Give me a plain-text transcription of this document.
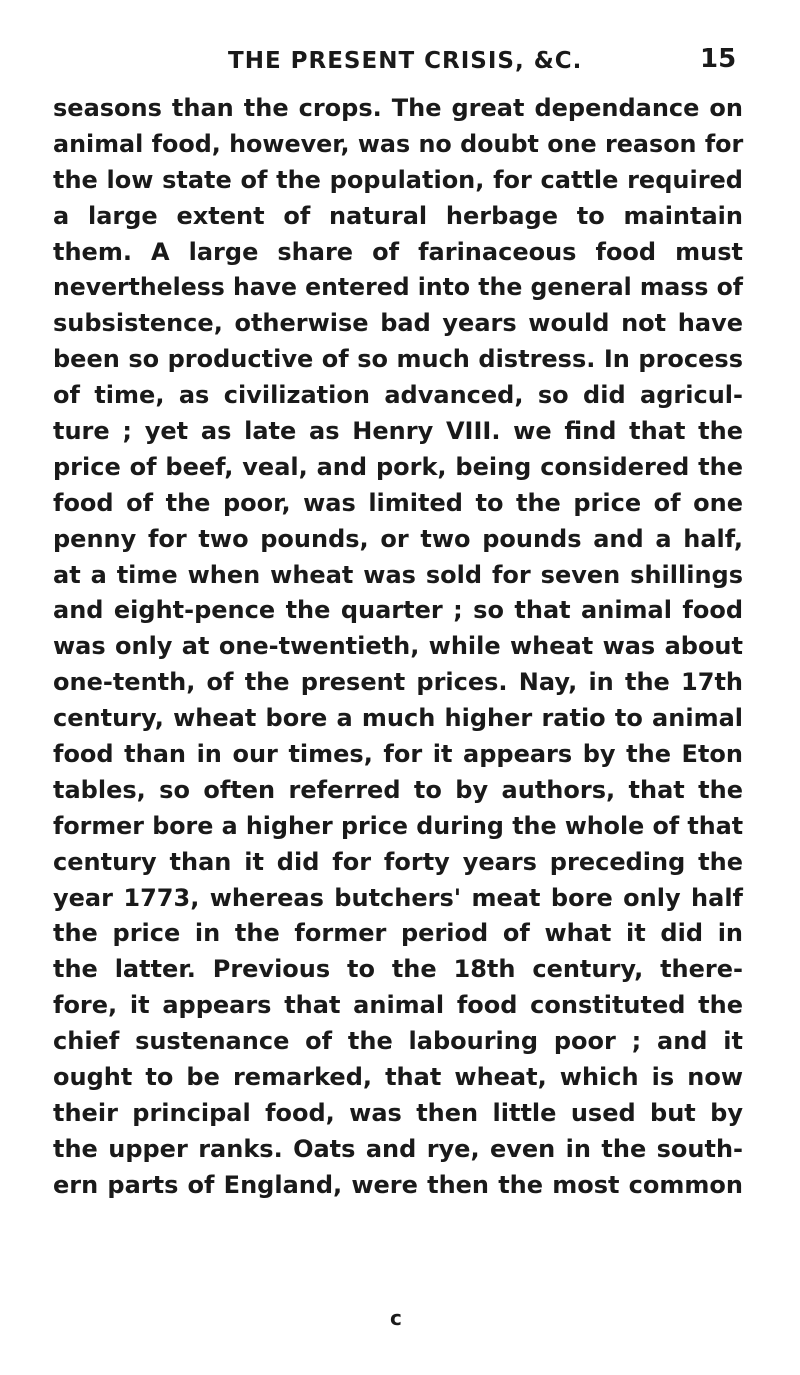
THE PRESENT CRISIS, &C.	15
seasons than the crops. The great dependance on
animal food, however, was no doubt one reason for
the low state of the population, for cattle required
a large extent of natural herbage to maintain
them. A large share of farinaceous food must
nevertheless have entered into the general mass of
subsistence, otherwise bad years would not have
been so productive of so much distress. In process
of time, as civilization advanced, so did agricul-
ture ; yet as late as Henry VIII. we find that the
price of beef, veal, and pork, being considered the
food of the poor, was limited to the price of one
penny for two pounds, or two pounds and a half,
at a time when wheat was sold for seven shillings
and eight-pence the quarter ; so that animal food
was only at one-twentieth, while wheat was about
one-tenth, of the present prices. Nay, in the 17th
century, wheat bore a much higher ratio to animal
food than in our times, for it appears by the Eton
tables, so often referred to by authors, that the
former bore a higher price during the whole of that
century than it did for forty years preceding the
year 1773, whereas butchers' meat bore only half
the price in the former period of what it did in
the latter. Previous to the 18th century, there-
fore, it appears that animal food constituted the
chief sustenance of the labouring poor ; and it
ought to be remarked, that wheat, which is now
their principal food, was then little used but by
the upper ranks. Oats and rye, even in the south-
ern parts of England, were then the most common
c
